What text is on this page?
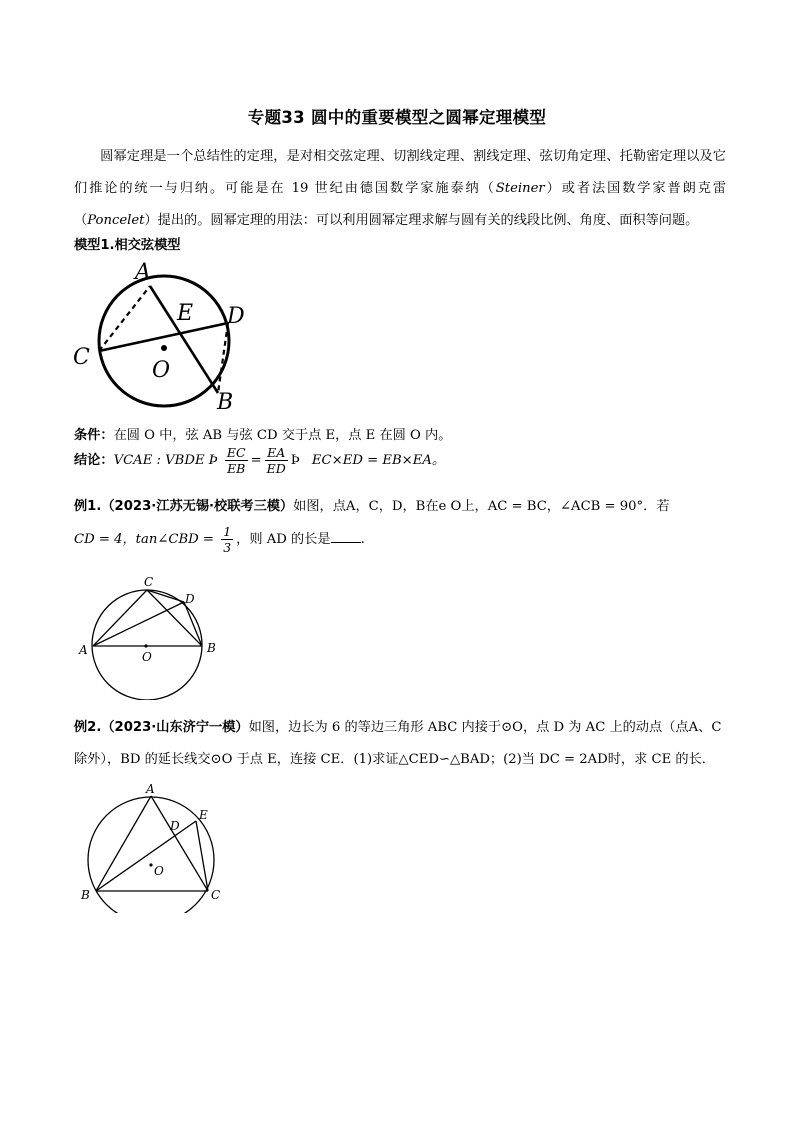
专题33 圆中的重要模型之圆幂定理模型
圆幂定理是一个总结性的定理，是对相交弦定理、切割线定理、割线定理、弦切角定理、托勒密定理以及它们推论的统一与归纳。可能是在 19 世纪由德国数学家施泰纳（Steiner）或者法国数学家普朗克雷（Poncelet）提出的。圆幂定理的用法：可以利用圆幂定理求解与圆有关的线段比例、角度、面积等问题。
模型1.相交弦模型
A
B
C
D
E
O
条件：在圆 O 中，弦 AB 与弦 CD 交于点 E，点 E 在圆 O 内。
结论：VCAE : VBDE Þ $\frac{EC}{EB} = \frac{EA}{ED}$ Þ EC×ED = EB×EA。
例1.（2023·江苏无锡·校联考三模）如图，点A，C，D，B在e O上，AC = BC，∠ACB = 90°．若
CD = 4，tan∠CBD = $\frac{1}{3}$ ，则 AD 的长是 .
C
D
A	B
O
例2.（2023·山东济宁一模）如图，边长为 6 的等边三角形 ABC 内接于⊙O，点 D 为 AC 上的动点（点A、C
除外），BD 的延长线交⊙O 于点 E，连接 CE．(1)求证△CED∽△BAD；(2)当 DC = 2AD时，求 CE 的长．
A
D
E
B	C
O
